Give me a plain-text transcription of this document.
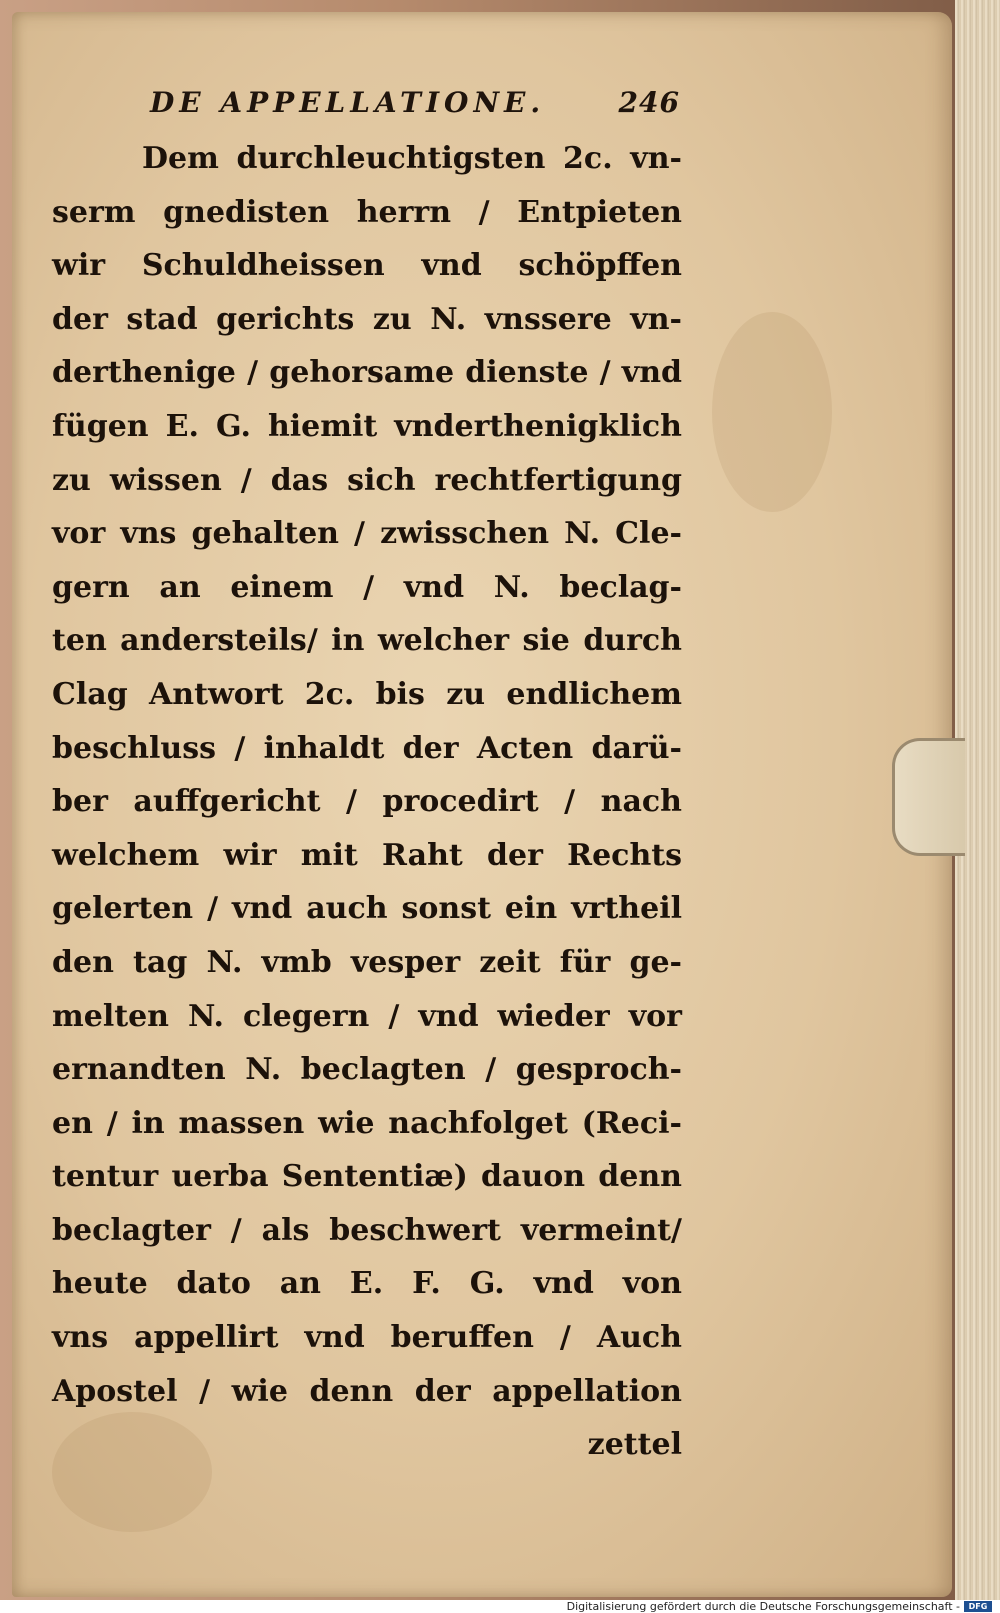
DE APPELLATIONE.	246
Dem durchleuchtigsten 2c. vn-
serm gnedisten herrn / Entpieten
wir Schuldheissen vnd schöpffen
der stad gerichts zu N. vnssere vn-
derthenige / gehorsame dienste / vnd
fügen E. G. hiemit vnderthenigklich
zu wissen / das sich rechtfertigung
vor vns gehalten / zwisschen N. Cle-
gern an einem / vnd N. beclag-
ten andersteils/ in welcher sie durch
Clag Antwort 2c. bis zu endlichem
beschluss / inhaldt der Acten darü-
ber auffgericht / procedirt / nach
welchem wir mit Raht der Rechts
gelerten / vnd auch sonst ein vrtheil
den tag N. vmb vesper zeit für ge-
melten N. clegern / vnd wieder vor
ernandten N. beclagten / gesproch-
en / in massen wie nachfolget (Reci-
tentur uerba Sententiæ) dauon denn
beclagter / als beschwert vermeint/
heute dato an E. F. G. vnd von
vns appellirt vnd beruffen / Auch
Apostel / wie denn der appellation
zettel
Digitalisierung gefördert durch die Deutsche Forschungsgemeinschaft -	DFG
